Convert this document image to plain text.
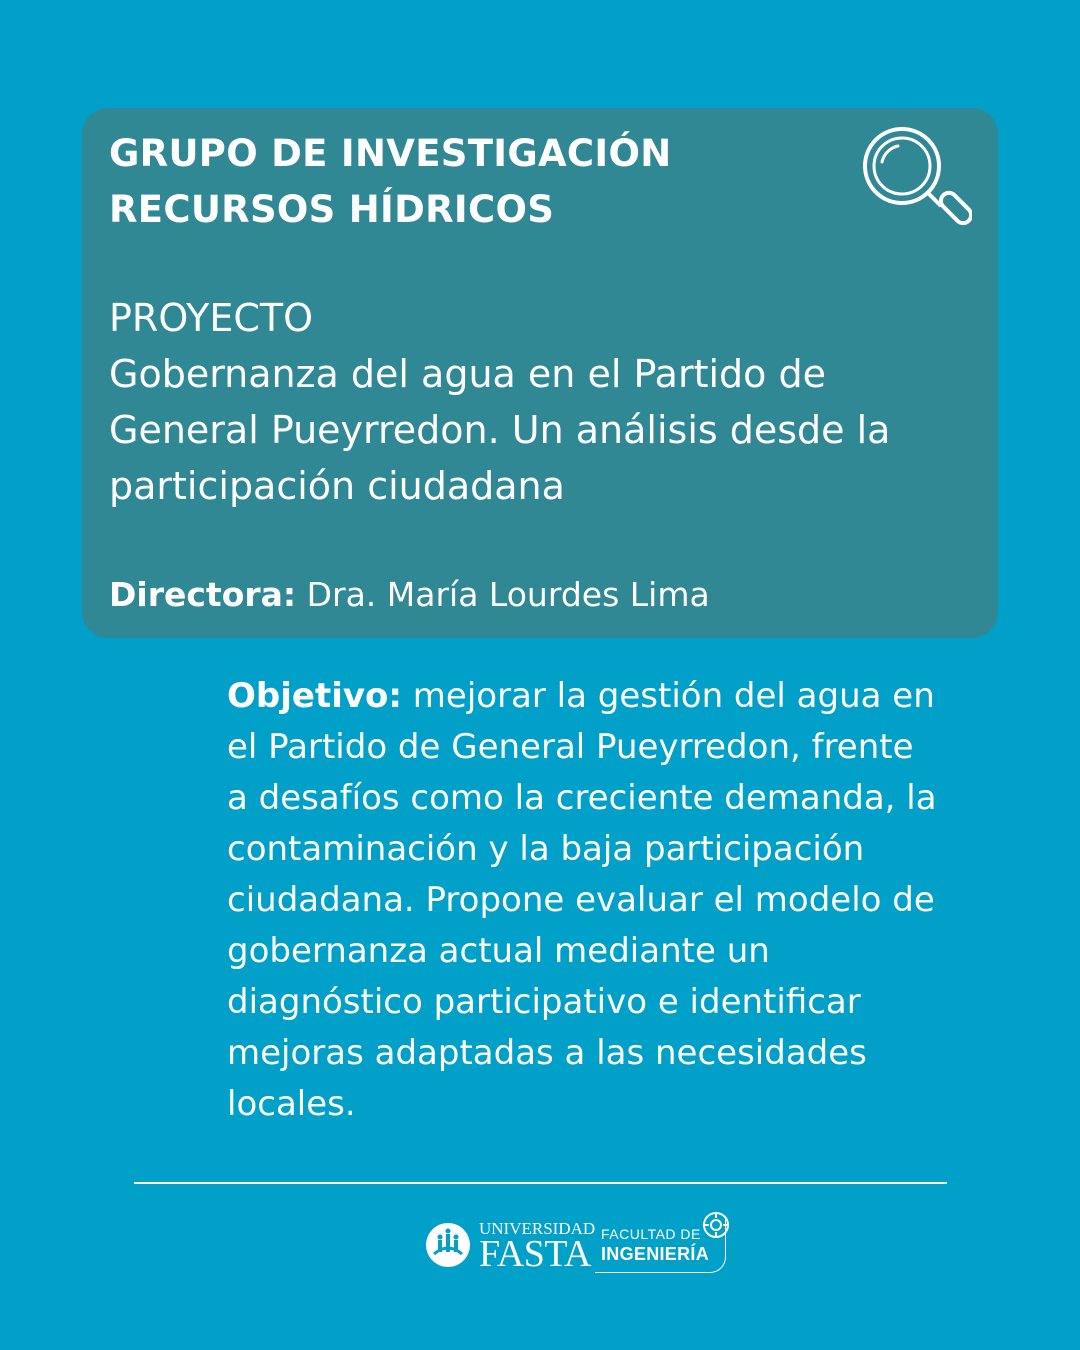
GRUPO DE INVESTIGACIÓN
RECURSOS HÍDRICOS
PROYECTO
Gobernanza del agua en el Partido de
General Pueyrredon. Un análisis desde la
participación ciudadana
Directora: Dra. María Lourdes Lima
Objetivo: mejorar la gestión del agua en
el Partido de General Pueyrredon, frente
a desafíos como la creciente demanda, la
contaminación y la baja participación
ciudadana. Propone evaluar el modelo de
gobernanza actual mediante un
diagnóstico participativo e identificar
mejoras adaptadas a las necesidades
locales.
UNIVERSIDAD
FASTA FACULTAD DE
INGENIERÍA
